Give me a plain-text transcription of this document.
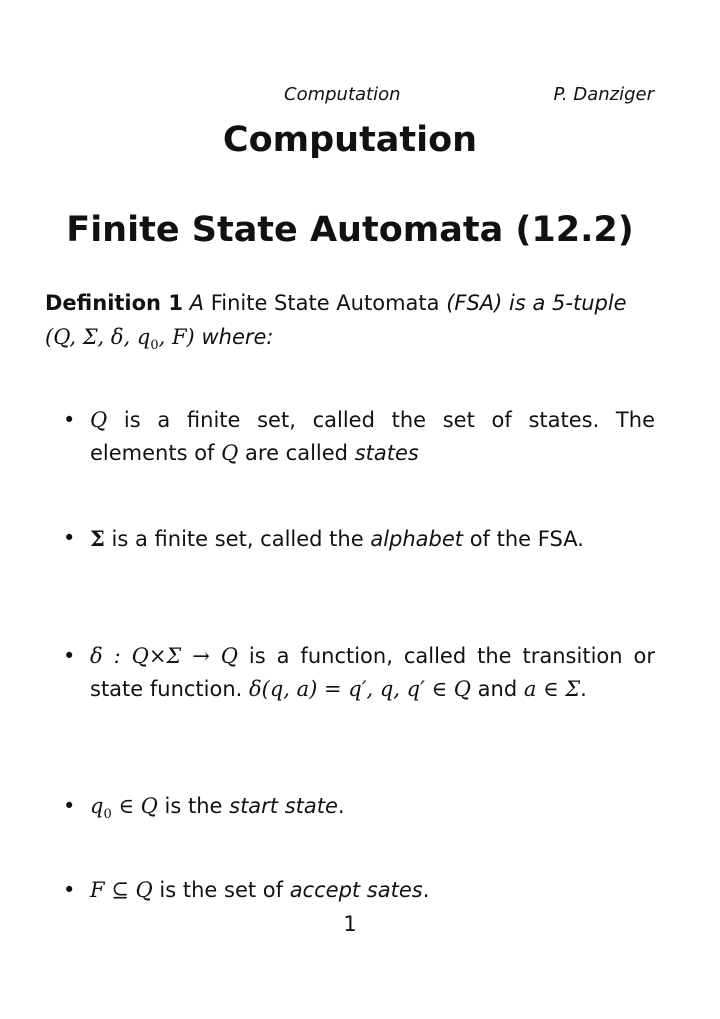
Computation	P. Danziger
Computation
Finite State Automata (12.2)
Definition 1 A Finite State Automata (FSA) is a 5-tuple (Q, Σ, δ, $q_0$, F) where:
• Q is a finite set, called the set of states. The elements of Q are called states
• Σ is a finite set, called the alphabet of the FSA.
• δ : Q×Σ → Q is a function, called the transition or state function. δ(q, a) = q′, q, q′ ∈ Q and a ∈ Σ.
• $q_0$ ∈ Q is the start state.
• F ⊆ Q is the set of accept sates.
1
